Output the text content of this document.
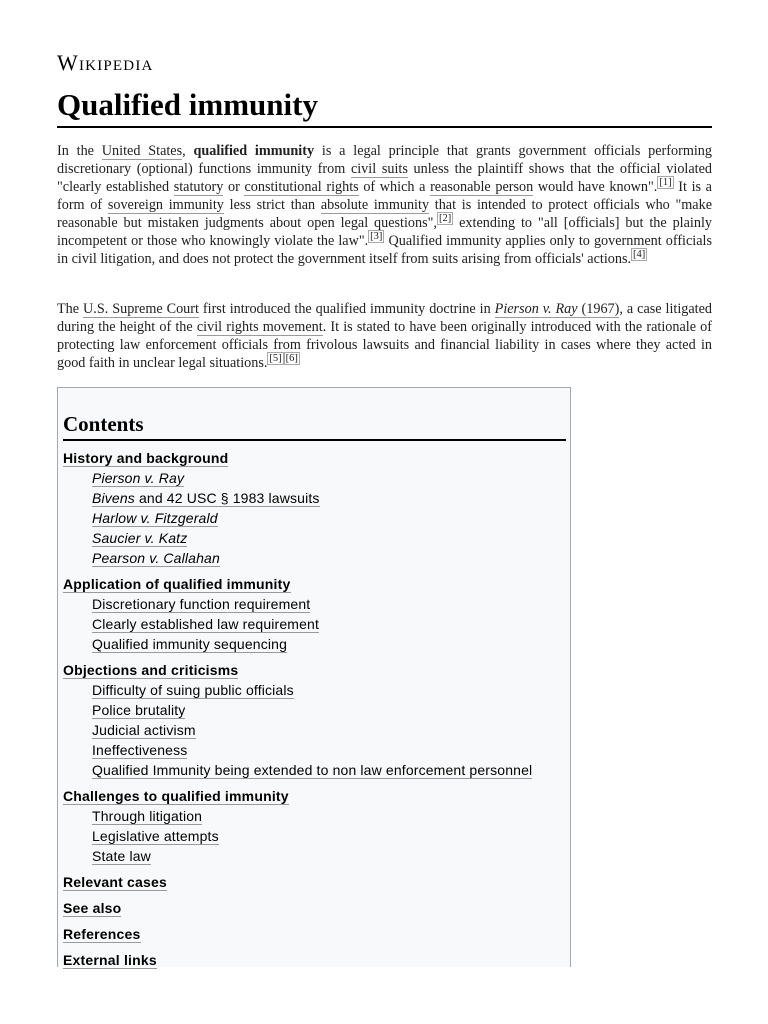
Wikipedia
Qualified immunity

In the United States, qualified immunity is a legal principle that grants government officials performing discretionary (optional) functions immunity from civil suits unless the plaintiff shows that the official violated "clearly established statutory or constitutional rights of which a reasonable person would have known". [1] It is a form of sovereign immunity less strict than absolute immunity that is intended to protect officials who "make reasonable but mistaken judgments about open legal questions", [2] extending to "all [officials] but the plainly incompetent or those who knowingly violate the law". [3] Qualified immunity applies only to government officials in civil litigation, and does not protect the government itself from suits arising from officials' actions. [4]

The U.S. Supreme Court first introduced the qualified immunity doctrine in Pierson v. Ray (1967), a case litigated during the height of the civil rights movement. It is stated to have been originally introduced with the rationale of protecting law enforcement officials from frivolous lawsuits and financial liability in cases where they acted in good faith in unclear legal situations. [5] [6]

Contents
History and background
Pierson v. Ray
Bivens and 42 USC § 1983 lawsuits
Harlow v. Fitzgerald
Saucier v. Katz
Pearson v. Callahan
Application of qualified immunity
Discretionary function requirement
Clearly established law requirement
Qualified immunity sequencing
Objections and criticisms
Difficulty of suing public officials
Police brutality
Judicial activism
Ineffectiveness
Qualified Immunity being extended to non law enforcement personnel
Challenges to qualified immunity
Through litigation
Legislative attempts
State law
Relevant cases
See also
References
External links
